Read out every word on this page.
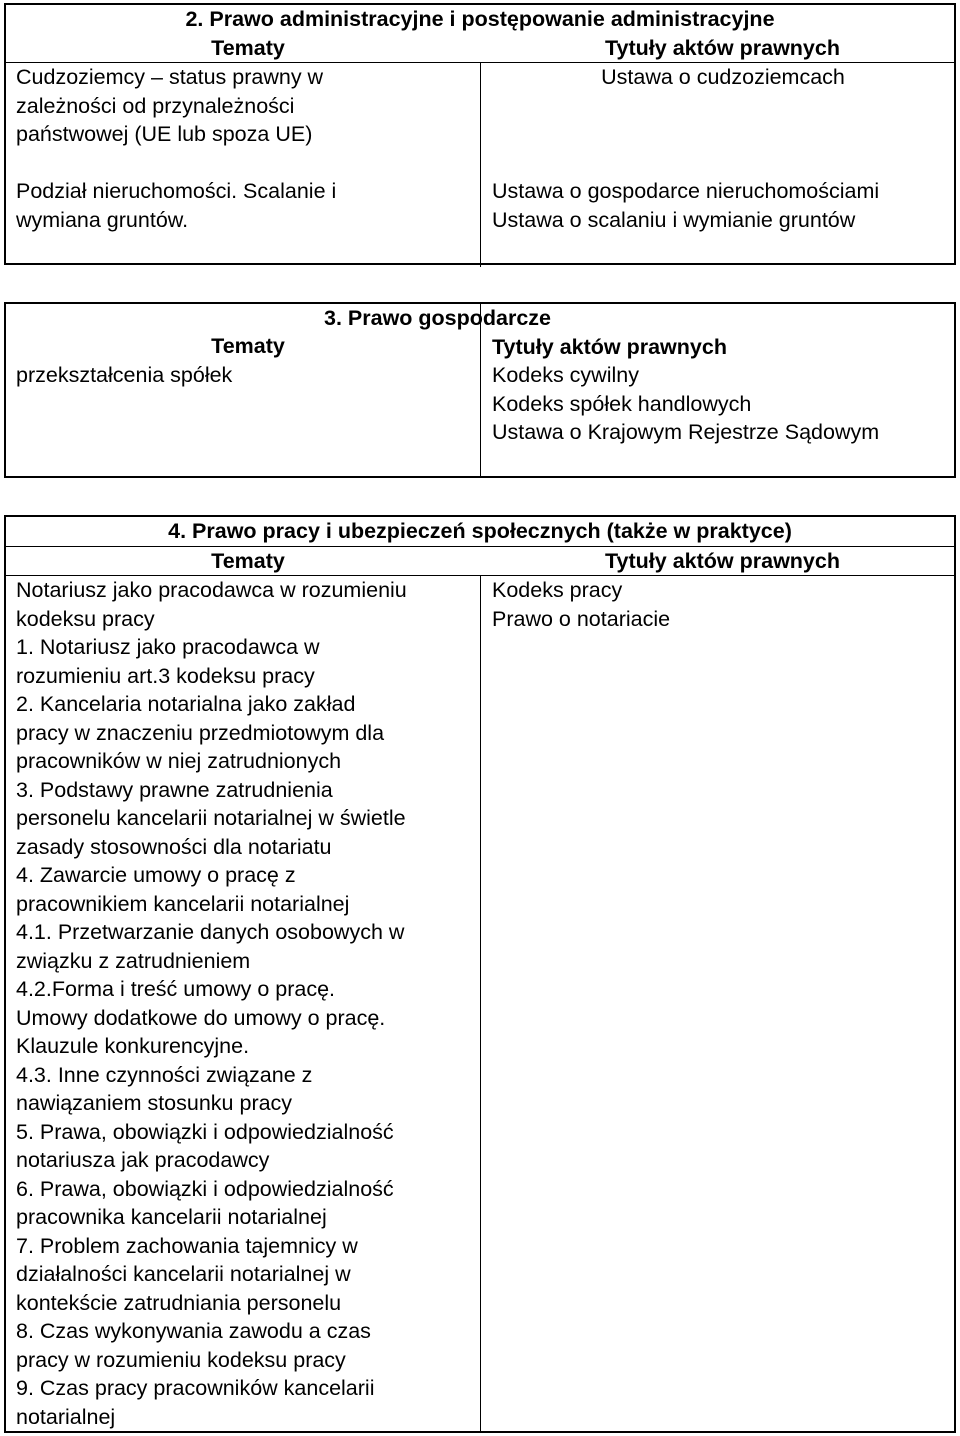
2. Prawo administracyjne i postępowanie administracyjne
Tematy	Tytuły aktów prawnych
Cudzoziemcy – status prawny w
zależności od przynależności
państwowej (UE lub spoza UE)
Podział nieruchomości. Scalanie i
wymiana gruntów.
Ustawa o cudzoziemcach
Ustawa o gospodarce nieruchomościami
Ustawa o scalaniu i wymianie gruntów
Tematy
przekształcenia spółek
3. Prawo gospodarcze
Tytuły aktów prawnych
Kodeks cywilny
Kodeks spółek handlowych
Ustawa o Krajowym Rejestrze Sądowym
4. Prawo pracy i ubezpieczeń społecznych (także w praktyce)
Tematy	Tytuły aktów prawnych
Notariusz jako pracodawca w rozumieniu
kodeksu pracy
1. Notariusz jako pracodawca w
rozumieniu art.3 kodeksu pracy
2. Kancelaria notarialna jako zakład
pracy w znaczeniu przedmiotowym dla
pracowników w niej zatrudnionych
3. Podstawy prawne zatrudnienia
personelu kancelarii notarialnej w świetle
zasady stosowności dla notariatu
4. Zawarcie umowy o pracę z
pracownikiem kancelarii notarialnej
4.1. Przetwarzanie danych osobowych w
związku z zatrudnieniem
4.2.Forma i treść umowy o pracę.
Umowy dodatkowe do umowy o pracę.
Klauzule konkurencyjne.
4.3. Inne czynności związane z
nawiązaniem stosunku pracy
5. Prawa, obowiązki i odpowiedzialność
notariusza jak pracodawcy
6. Prawa, obowiązki i odpowiedzialność
pracownika kancelarii notarialnej
7. Problem zachowania tajemnicy w
działalności kancelarii notarialnej w
kontekście zatrudniania personelu
8. Czas wykonywania zawodu a czas
pracy w rozumieniu kodeksu pracy
9. Czas pracy pracowników kancelarii
notarialnej
Kodeks pracy
Prawo o notariacie
